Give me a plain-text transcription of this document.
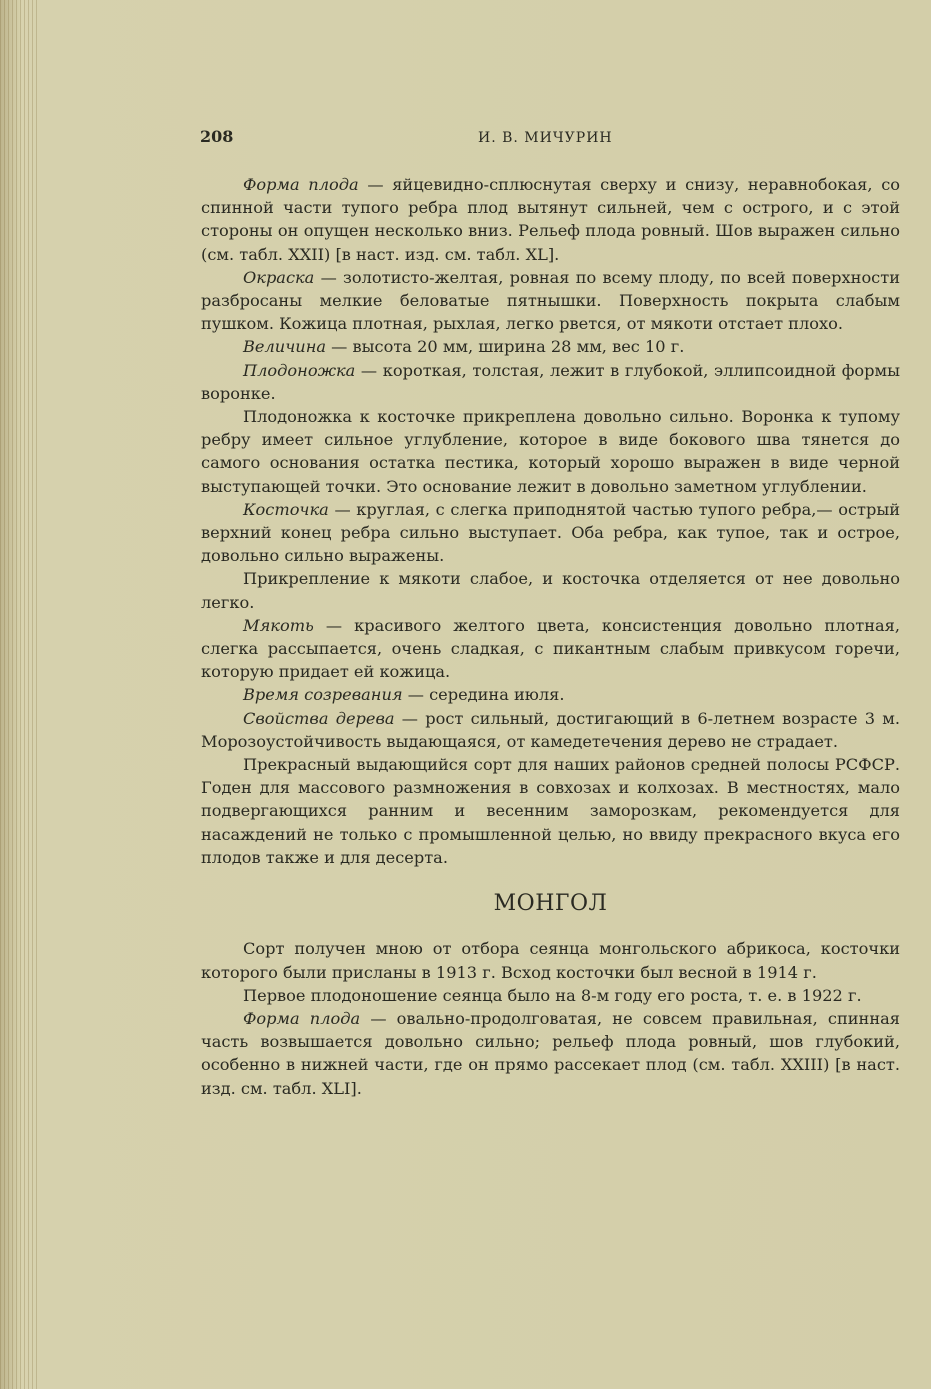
208	И. В. МИЧУРИН

Форма плода — яйцевидно-сплюснутая сверху и снизу, неравнобокая, со спинной части тупого ребра плод вытянут сильней, чем с острого, и с этой стороны он опущен несколько вниз. Рельеф плода ровный. Шов выражен сильно (см. табл. XXII) [в наст. изд. см. табл. XL].

Окраска — золотисто-желтая, ровная по всему плоду, по всей поверхности разбросаны мелкие беловатые пятнышки. Поверхность покрыта слабым пушком. Кожица плотная, рыхлая, легко рвется, от мякоти отстает плохо.

Величина — высота 20 мм, ширина 28 мм, вес 10 г.

Плодоножка — короткая, толстая, лежит в глубокой, эллипсоидной формы воронке.

Плодоножка к косточке прикреплена довольно сильно. Воронка к тупому ребру имеет сильное углубление, которое в виде бокового шва тянется до самого основания остатка пестика, который хорошо выражен в виде черной выступающей точки. Это основание лежит в довольно заметном углублении.

Косточка — круглая, с слегка приподнятой частью тупого ребра,— острый верхний конец ребра сильно выступает. Оба ребра, как тупое, так и острое, довольно сильно выражены.

Прикрепление к мякоти слабое, и косточка отделяется от нее довольно легко.

Мякоть — красивого желтого цвета, консистенция довольно плотная, слегка рассыпается, очень сладкая, с пикантным слабым привкусом горечи, которую придает ей кожица.

Время созревания — середина июля.

Свойства дерева — рост сильный, достигающий в 6-летнем возрасте 3 м. Морозоустойчивость выдающаяся, от камедетечения дерево не страдает.

Прекрасный выдающийся сорт для наших районов средней полосы РСФСР. Годен для массового размножения в совхозах и колхозах. В местностях, мало подвергающихся ранним и весенним заморозкам, рекомендуется для насаждений не только с промышленной целью, но ввиду прекрасного вкуса его плодов также и для десерта.

МОНГОЛ

Сорт получен мною от отбора сеянца монгольского абрикоса, косточки которого были присланы в 1913 г. Всход косточки был весной в 1914 г.

Первое плодоношение сеянца было на 8-м году его роста, т. е. в 1922 г.

Форма плода — овально-продолговатая, не совсем правильная, спинная часть возвышается довольно сильно; рельеф плода ровный, шов глубокий, особенно в нижней части, где он прямо рассекает плод (см. табл. XXIII) [в наст. изд. см. табл. XLI].
